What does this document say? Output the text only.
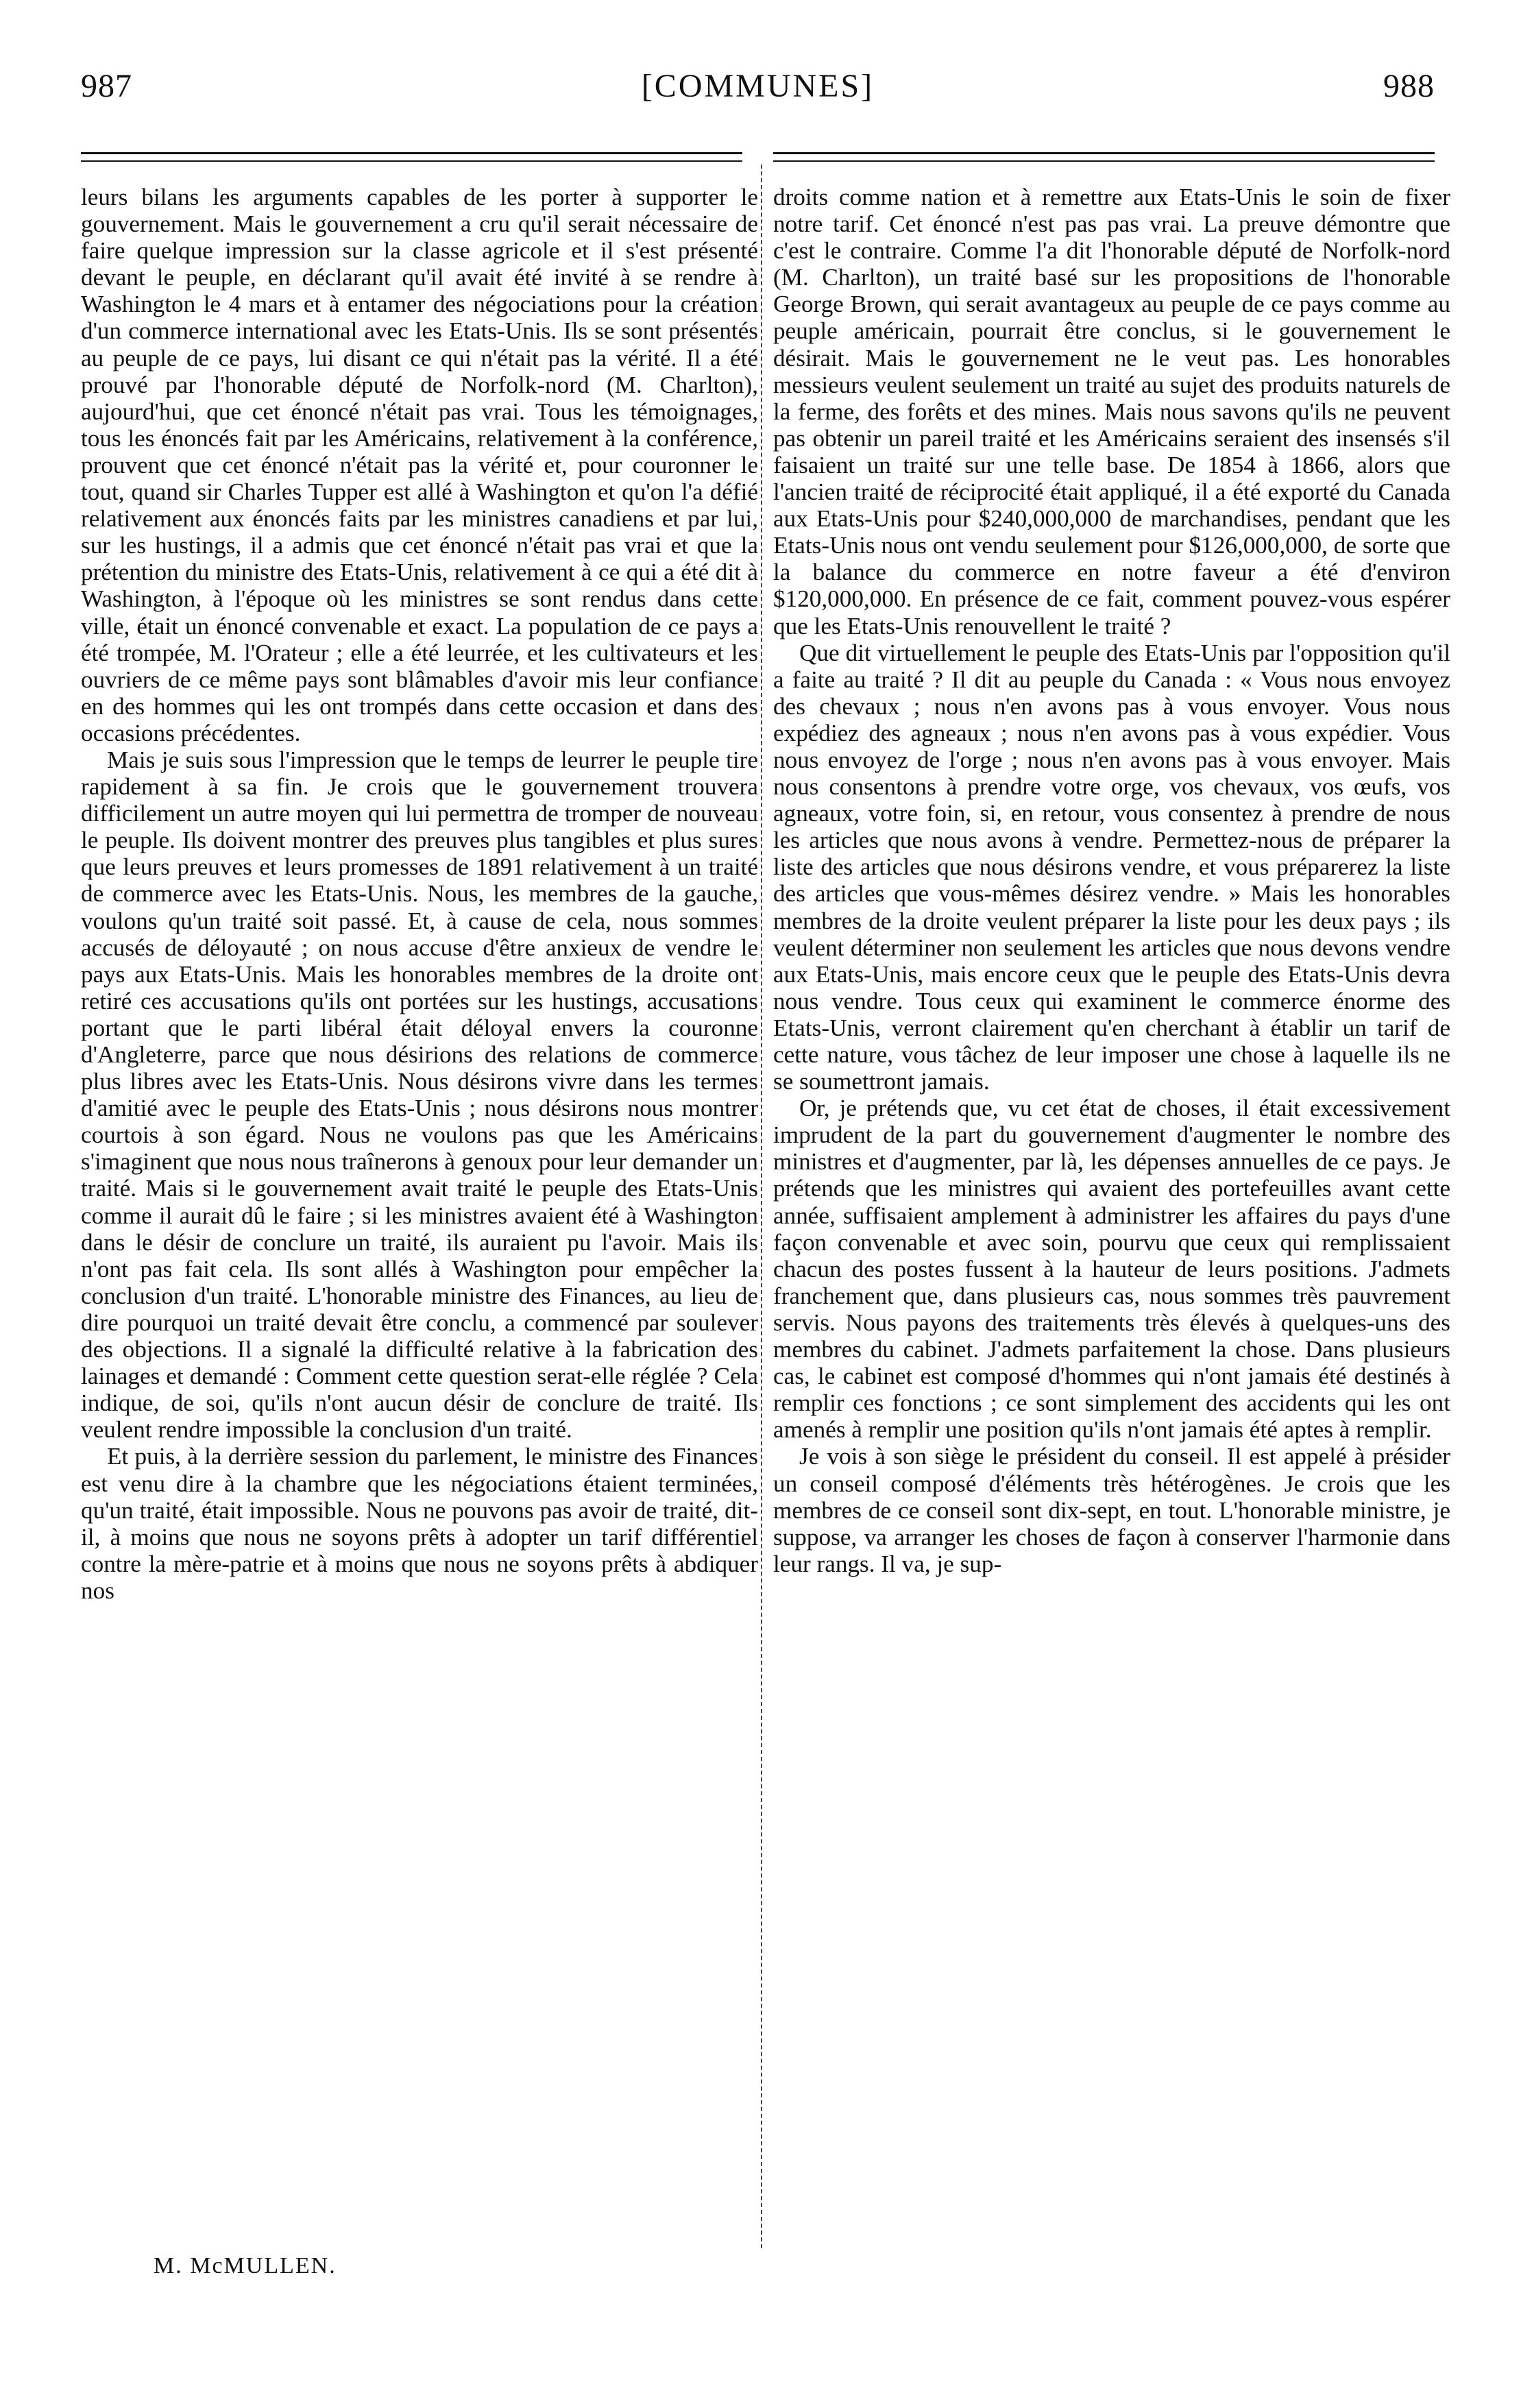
987	[COMMUNES]	988

leurs bilans les arguments capables de les porter à supporter le gouvernement. Mais le gouvernement a cru qu'il serait nécessaire de faire quelque impression sur la classe agricole et il s'est présenté devant le peuple, en déclarant qu'il avait été invité à se rendre à Washington le 4 mars et à entamer des négociations pour la création d'un commerce international avec les Etats-Unis. Ils se sont présentés au peuple de ce pays, lui disant ce qui n'était pas la vérité. Il a été prouvé par l'honorable député de Norfolk-nord (M. Charlton), aujourd'hui, que cet énoncé n'était pas vrai. Tous les témoignages, tous les énoncés fait par les Américains, relativement à la conférence, prouvent que cet énoncé n'était pas la vérité et, pour couronner le tout, quand sir Charles Tupper est allé à Washington et qu'on l'a défié relativement aux énoncés faits par les ministres canadiens et par lui, sur les hustings, il a admis que cet énoncé n'était pas vrai et que la prétention du ministre des Etats-Unis, relativement à ce qui a été dit à Washington, à l'époque où les ministres se sont rendus dans cette ville, était un énoncé convenable et exact. La population de ce pays a été trompée, M. l'Orateur ; elle a été leurrée, et les cultivateurs et les ouvriers de ce même pays sont blâmables d'avoir mis leur confiance en des hommes qui les ont trompés dans cette occasion et dans des occasions précédentes.

Mais je suis sous l'impression que le temps de leurrer le peuple tire rapidement à sa fin. Je crois que le gouvernement trouvera difficilement un autre moyen qui lui permettra de tromper de nouveau le peuple. Ils doivent montrer des preuves plus tangibles et plus sures que leurs preuves et leurs promesses de 1891 relativement à un traité de commerce avec les Etats-Unis. Nous, les membres de la gauche, voulons qu'un traité soit passé. Et, à cause de cela, nous sommes accusés de déloyauté ; on nous accuse d'être anxieux de vendre le pays aux Etats-Unis. Mais les honorables membres de la droite ont retiré ces accusations qu'ils ont portées sur les hustings, accusations portant que le parti libéral était déloyal envers la couronne d'Angleterre, parce que nous désirions des relations de commerce plus libres avec les Etats-Unis. Nous désirons vivre dans les termes d'amitié avec le peuple des Etats-Unis ; nous désirons nous montrer courtois à son égard. Nous ne voulons pas que les Américains s'imaginent que nous nous traînerons à genoux pour leur demander un traité. Mais si le gouvernement avait traité le peuple des Etats-Unis comme il aurait dû le faire ; si les ministres avaient été à Washington dans le désir de conclure un traité, ils auraient pu l'avoir. Mais ils n'ont pas fait cela. Ils sont allés à Washington pour empêcher la conclusion d'un traité. L'honorable ministre des Finances, au lieu de dire pourquoi un traité devait être conclu, a commencé par soulever des objections. Il a signalé la difficulté relative à la fabrication des lainages et demandé : Comment cette question serat-elle réglée ? Cela indique, de soi, qu'ils n'ont aucun désir de conclure de traité. Ils veulent rendre impossible la conclusion d'un traité.

Et puis, à la derrière session du parlement, le ministre des Finances est venu dire à la chambre que les négociations étaient terminées, qu'un traité, était impossible. Nous ne pouvons pas avoir de traité, dit-il, à moins que nous ne soyons prêts à adopter un tarif différentiel contre la mère-patrie et à moins que nous ne soyons prêts à abdiquer nos

droits comme nation et à remettre aux Etats-Unis le soin de fixer notre tarif. Cet énoncé n'est pas pas vrai. La preuve démontre que c'est le contraire. Comme l'a dit l'honorable député de Norfolk-nord (M. Charlton), un traité basé sur les propositions de l'honorable George Brown, qui serait avantageux au peuple de ce pays comme au peuple américain, pourrait être conclus, si le gouvernement le désirait. Mais le gouvernement ne le veut pas. Les honorables messieurs veulent seulement un traité au sujet des produits naturels de la ferme, des forêts et des mines. Mais nous savons qu'ils ne peuvent pas obtenir un pareil traité et les Américains seraient des insensés s'il faisaient un traité sur une telle base. De 1854 à 1866, alors que l'ancien traité de réciprocité était appliqué, il a été exporté du Canada aux Etats-Unis pour $240,000,000 de marchandises, pendant que les Etats-Unis nous ont vendu seulement pour $126,000,000, de sorte que la balance du commerce en notre faveur a été d'environ $120,000,000. En présence de ce fait, comment pouvez-vous espérer que les Etats-Unis renouvellent le traité ?

Que dit virtuellement le peuple des Etats-Unis par l'opposition qu'il a faite au traité ? Il dit au peuple du Canada : « Vous nous envoyez des chevaux ; nous n'en avons pas à vous envoyer. Vous nous expédiez des agneaux ; nous n'en avons pas à vous expédier. Vous nous envoyez de l'orge ; nous n'en avons pas à vous envoyer. Mais nous consentons à prendre votre orge, vos chevaux, vos œufs, vos agneaux, votre foin, si, en retour, vous consentez à prendre de nous les articles que nous avons à vendre. Permettez-nous de préparer la liste des articles que nous désirons vendre, et vous préparerez la liste des articles que vous-mêmes désirez vendre. » Mais les honorables membres de la droite veulent préparer la liste pour les deux pays ; ils veulent déterminer non seulement les articles que nous devons vendre aux Etats-Unis, mais encore ceux que le peuple des Etats-Unis devra nous vendre. Tous ceux qui examinent le commerce énorme des Etats-Unis, verront clairement qu'en cherchant à établir un tarif de cette nature, vous tâchez de leur imposer une chose à laquelle ils ne se soumettront jamais.

Or, je prétends que, vu cet état de choses, il était excessivement imprudent de la part du gouvernement d'augmenter le nombre des ministres et d'augmenter, par là, les dépenses annuelles de ce pays. Je prétends que les ministres qui avaient des portefeuilles avant cette année, suffisaient amplement à administrer les affaires du pays d'une façon convenable et avec soin, pourvu que ceux qui remplissaient chacun des postes fussent à la hauteur de leurs positions. J'admets franchement que, dans plusieurs cas, nous sommes très pauvrement servis. Nous payons des traitements très élevés à quelques-uns des membres du cabinet. J'admets parfaitement la chose. Dans plusieurs cas, le cabinet est composé d'hommes qui n'ont jamais été destinés à remplir ces fonctions ; ce sont simplement des accidents qui les ont amenés à remplir une position qu'ils n'ont jamais été aptes à remplir.

Je vois à son siège le président du conseil. Il est appelé à présider un conseil composé d'éléments très hétérogènes. Je crois que les membres de ce conseil sont dix-sept, en tout. L'honorable ministre, je suppose, va arranger les choses de façon à conserver l'harmonie dans leur rangs. Il va, je sup-

M. McMULLEN.
